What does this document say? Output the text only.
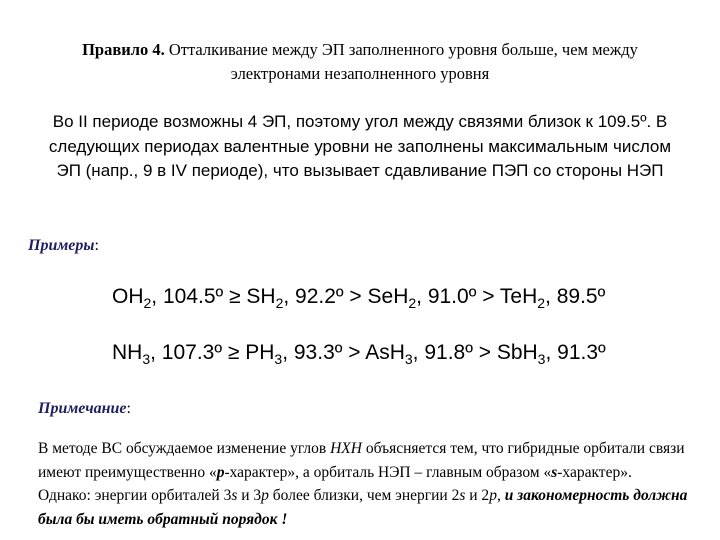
Правило 4. Отталкивание между ЭП заполненного уровня больше, чем между электронами незаполненного уровня
Во II периоде возможны 4 ЭП, поэтому угол между связями близок к 109.5º. В следующих периодах валентные уровни не заполнены максимальным числом ЭП (напр., 9 в IV периоде), что вызывает сдавливание ПЭП со стороны НЭП
Примеры:
$OH_2$, 104.5º ≥ $SH_2$, 92.2º > SeH$_2$, 91.0º > TeH$_2$, 89.5º
$NH_3$, 107.3º ≥ $PH_3$, 93.3º > AsH$_3$, 91.8º > SbH$_3$, 91.3º
Примечание:
В методе ВС обсуждаемое изменение углов HXH объясняется тем, что гибридные орбитали связи имеют преимущественно «p-характер», а орбиталь НЭП – главным образом «s-характер». Однако: энергии орбиталей 3s и 3p более близки, чем энергии 2s и 2p, и закономерность должна была бы иметь обратный порядок !
